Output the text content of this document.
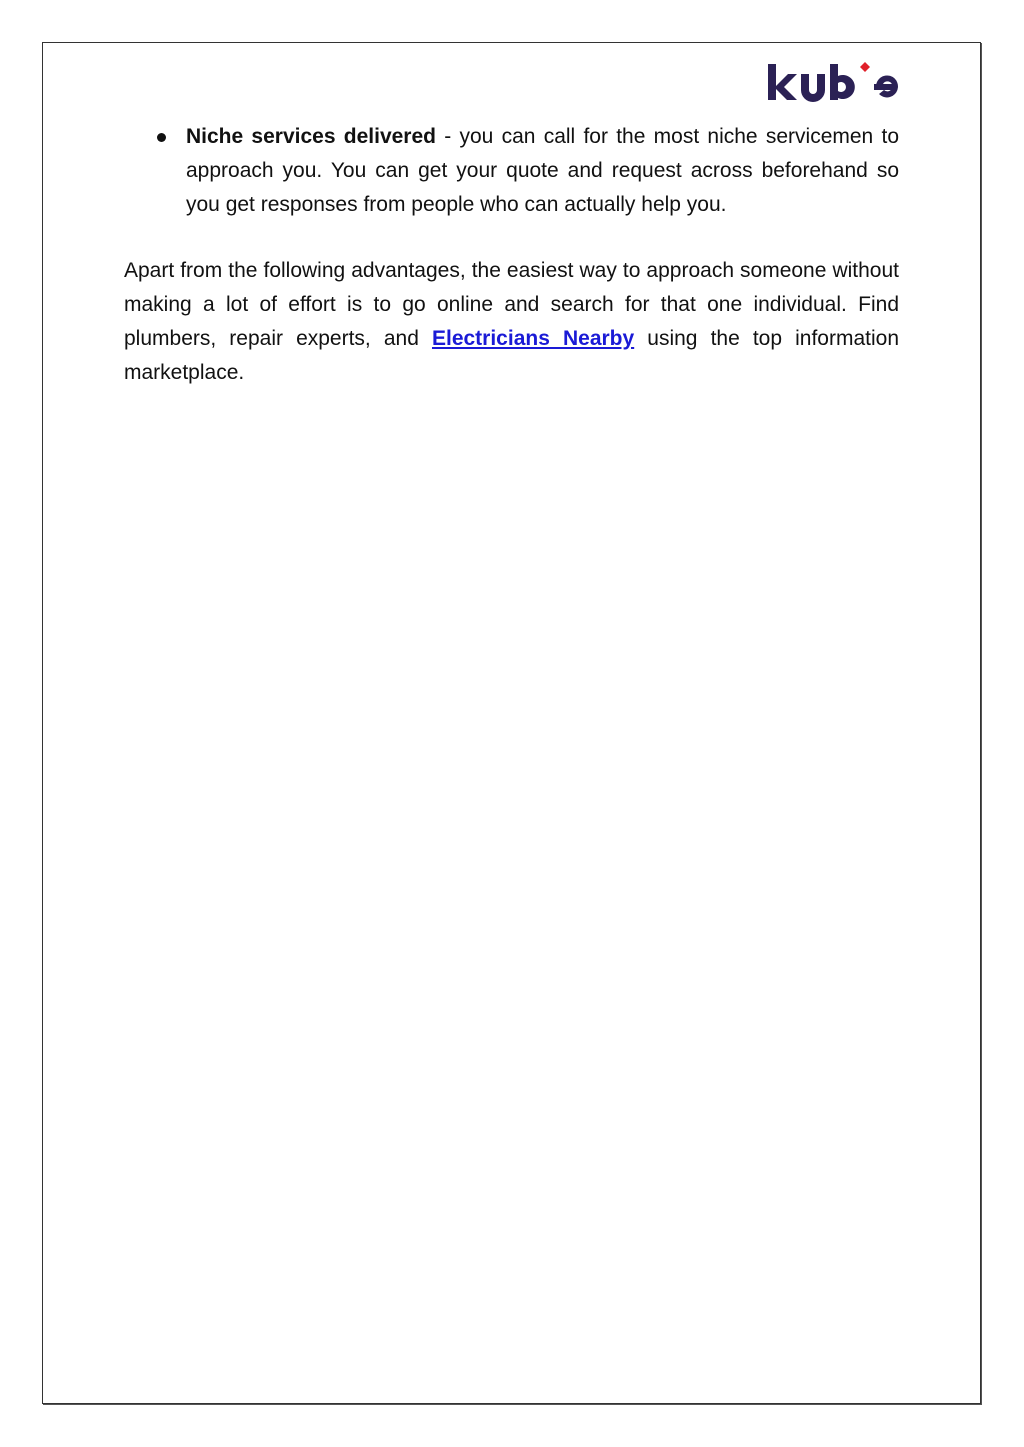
Niche services delivered - you can call for the most niche servicemen to approach you. You can get your quote and request across beforehand so you get responses from people who can actually help you.

Apart from the following advantages, the easiest way to approach someone without making a lot of effort is to go online and search for that one individual. Find plumbers, repair experts, and Electricians Nearby using the top information marketplace.
